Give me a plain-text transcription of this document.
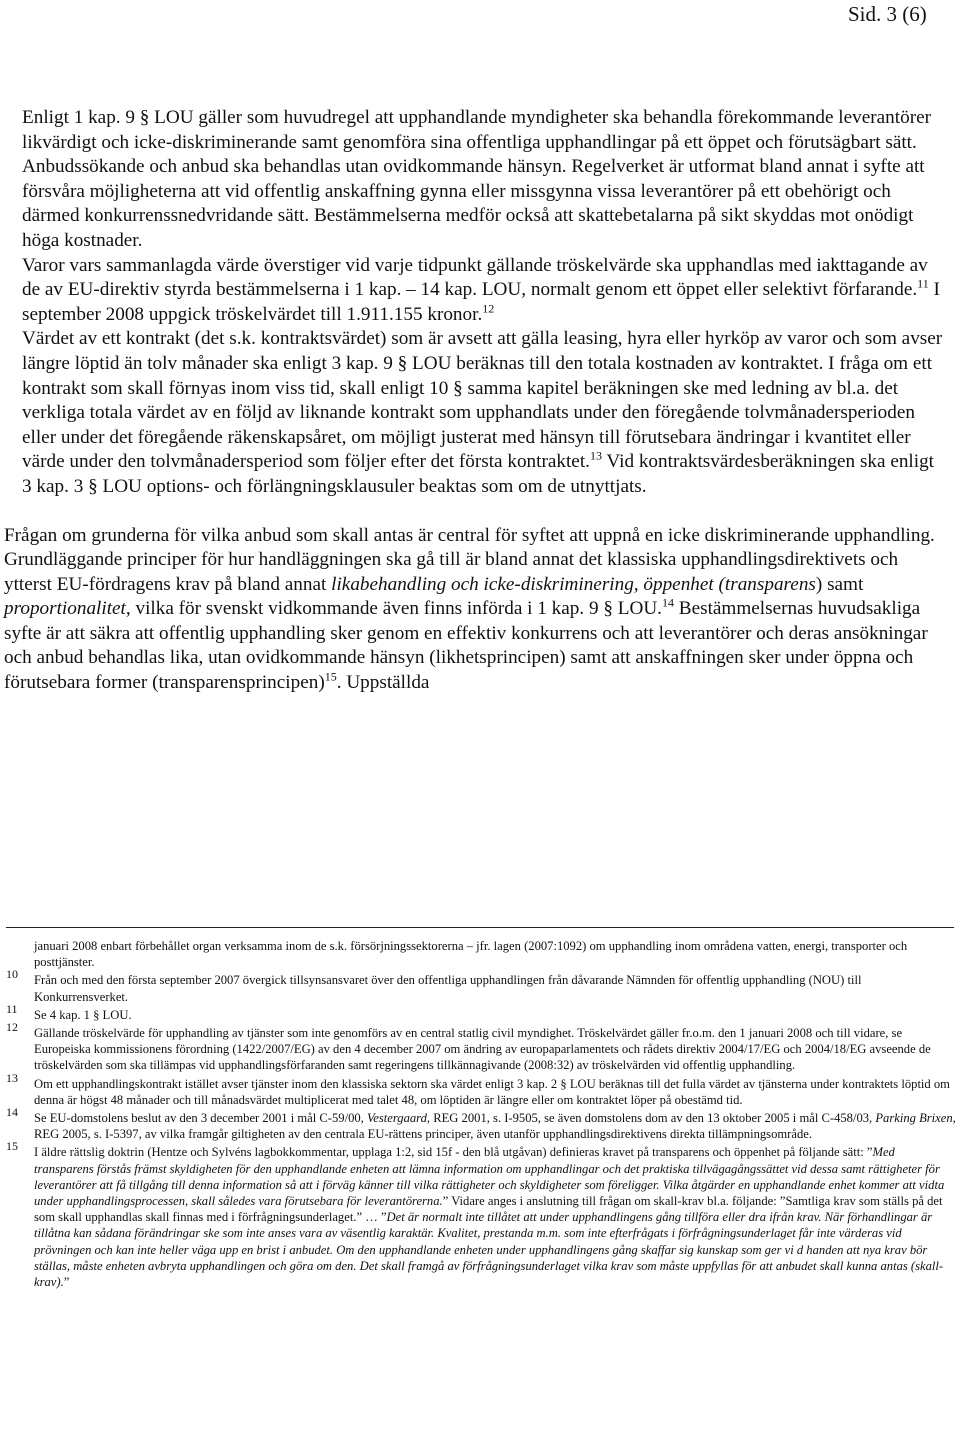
Sid. 3 (6)

Enligt 1 kap. 9 § LOU gäller som huvudregel att upphandlande myndigheter ska behandla förekommande leverantörer likvärdigt och icke-diskriminerande samt genomföra sina offentliga upphandlingar på ett öppet och förutsägbart sätt. Anbudssökande och anbud ska behandlas utan ovidkommande hänsyn. Regelverket är utformat bland annat i syfte att försvåra möjligheterna att vid offentlig anskaffning gynna eller missgynna vissa leverantörer på ett obehörigt och därmed konkurrenssnedvridande sätt. Bestämmelserna medför också att skattebetalarna på sikt skyddas mot onödigt höga kostnader.

Varor vars sammanlagda värde överstiger vid varje tidpunkt gällande tröskelvärde ska upphandlas med iakttagande av de av EU-direktiv styrda bestämmelserna i 1 kap. – 14 kap. LOU, normalt genom ett öppet eller selektivt förfarande.$^{11}$ I september 2008 uppgick tröskelvärdet till 1.911.155 kronor.$^{12}$

Värdet av ett kontrakt (det s.k. kontraktsvärdet) som är avsett att gälla leasing, hyra eller hyrköp av varor och som avser längre löptid än tolv månader ska enligt 3 kap. 9 § LOU beräknas till den totala kostnaden av kontraktet. I fråga om ett kontrakt som skall förnyas inom viss tid, skall enligt 10 § samma kapitel beräkningen ske med ledning av bl.a. det verkliga totala värdet av en följd av liknande kontrakt som upphandlats under den föregående tolvmånadersperioden eller under det föregående räkenskapsåret, om möjligt justerat med hänsyn till förutsebara ändringar i kvantitet eller värde under den tolvmånadersperiod som följer efter det första kontraktet.$^{13}$ Vid kontraktsvärdesberäkningen ska enligt 3 kap. 3 § LOU options- och förlängningsklausuler beaktas som om de utnyttjats.

Frågan om grunderna för vilka anbud som skall antas är central för syftet att uppnå en icke diskriminerande upphandling. Grundläggande principer för hur handläggningen ska gå till är bland annat det klassiska upphandlingsdirektivets och ytterst EU-fördragens krav på bland annat likabehandling och icke-diskriminering, öppenhet (transparens) samt proportionalitet, vilka för svenskt vidkommande även finns införda i 1 kap. 9 § LOU.$^{14}$ Bestämmelsernas huvudsakliga syfte är att säkra att offentlig upphandling sker genom en effektiv konkurrens och att leverantörer och deras ansökningar och anbud behandlas lika, utan ovidkommande hänsyn (likhetsprincipen) samt att anskaffningen sker under öppna och förutsebara former (transparensprincipen)$^{15}$. Uppställda

januari 2008 enbart förbehållet organ verksamma inom de s.k. försörjningssektorerna – jfr. lagen (2007:1092) om upphandling inom områdena vatten, energi, transporter och posttjänster.

10 Från och med den första september 2007 övergick tillsynsansvaret över den offentliga upphandlingen från dåvarande Nämnden för offentlig upphandling (NOU) till Konkurrensverket.

11 Se 4 kap. 1 § LOU.

12 Gällande tröskelvärde för upphandling av tjänster som inte genomförs av en central statlig civil myndighet. Tröskelvärdet gäller fr.o.m. den 1 januari 2008 och till vidare, se Europeiska kommissionens förordning (1422/2007/EG) av den 4 december 2007 om ändring av europaparlamentets och rådets direktiv 2004/17/EG och 2004/18/EG avseende de tröskelvärden som ska tillämpas vid upphandlingsförfaranden samt regeringens tillkännagivande (2008:32) av tröskelvärden vid offentlig upphandling.

13 Om ett upphandlingskontrakt istället avser tjänster inom den klassiska sektorn ska värdet enligt 3 kap. 2 § LOU beräknas till det fulla värdet av tjänsterna under kontraktets löptid om denna är högst 48 månader och till månadsvärdet multiplicerat med talet 48, om löptiden är längre eller om kontraktet löper på obestämd tid.

14 Se EU-domstolens beslut av den 3 december 2001 i mål C-59/00, Vestergaard, REG 2001, s. I-9505, se även domstolens dom av den 13 oktober 2005 i mål C-458/03, Parking Brixen, REG 2005, s. I-5397, av vilka framgår giltigheten av den centrala EU-rättens principer, även utanför upphandlingsdirektivens direkta tillämpningsområde.

15 I äldre rättslig doktrin (Hentze och Sylvéns lagbokkommentar, upplaga 1:2, sid 15f - den blå utgåvan) definieras kravet på transparens och öppenhet på följande sätt: ”Med transparens förstås främst skyldigheten för den upphandlande enheten att lämna information om upphandlingar och det praktiska tillvägagångssättet vid dessa samt rättigheter för leverantörer att få tillgång till denna information så att i förväg känner till vilka rättigheter och skyldigheter som föreligger. Vilka åtgärder en upphandlande enhet kommer att vidta under upphandlingsprocessen, skall således vara förutsebara för leverantörerna.” Vidare anges i anslutning till frågan om skall-krav bl.a. följande: ”Samtliga krav som ställs på det som skall upphandlas skall finnas med i förfrågningsunderlaget.” … ”Det är normalt inte tillåtet att under upphandlingens gång tillföra eller dra ifrån krav. När förhandlingar är tillåtna kan sådana förändringar ske som inte anses vara av väsentlig karaktär. Kvalitet, prestanda m.m. som inte efterfrågats i förfrågningsunderlaget får inte värderas vid prövningen och kan inte heller väga upp en brist i anbudet. Om den upphandlande enheten under upphandlingens gång skaffar sig kunskap som ger vi d handen att nya krav bör ställas, måste enheten avbryta upphandlingen och göra om den. Det skall framgå av förfrågningsunderlaget vilka krav som måste uppfyllas för att anbudet skall kunna antas (skall-krav).”
